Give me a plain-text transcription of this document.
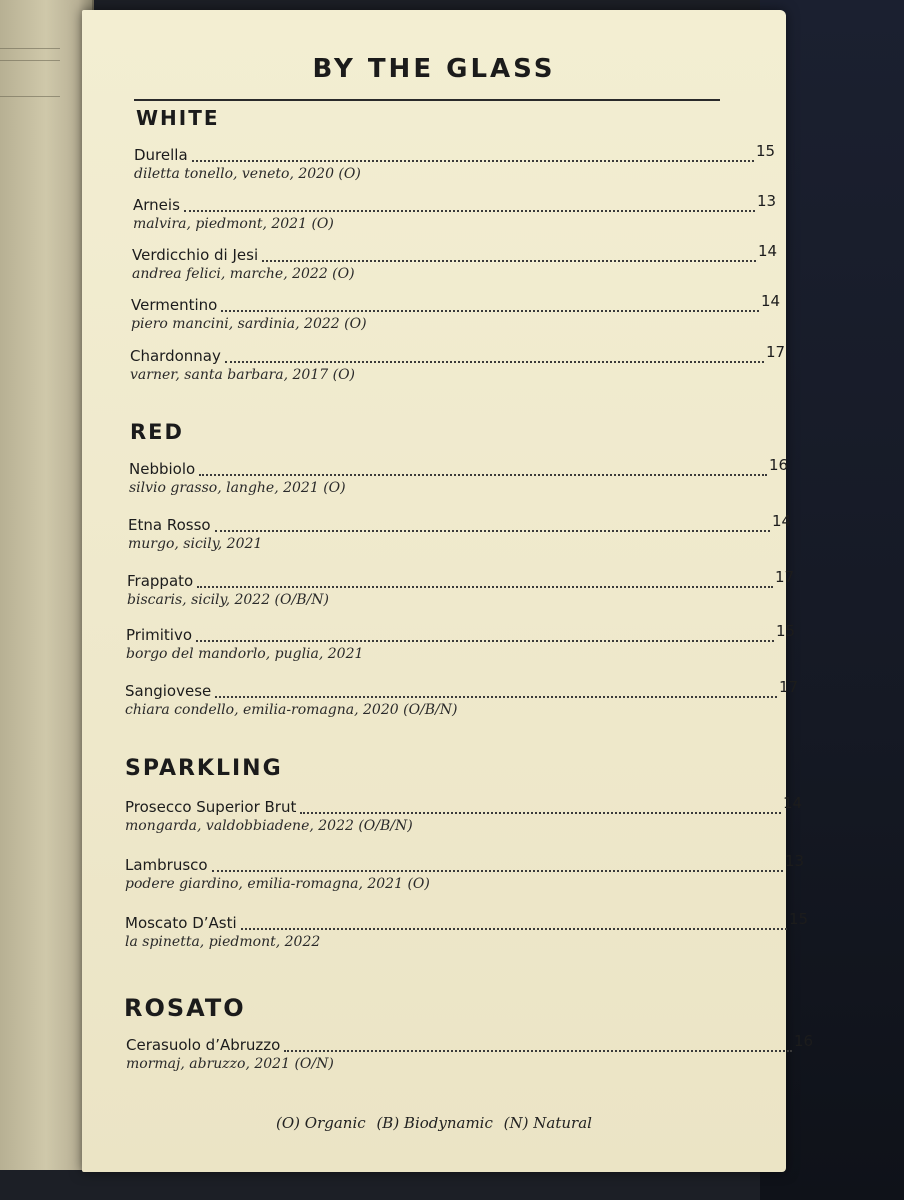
BY THE GLASS
WHITE
Durella	15
diletta tonello, veneto, 2020 (O)
Arneis	13
malvira, piedmont, 2021 (O)
Verdicchio di Jesi	14
andrea felici, marche, 2022 (O)
Vermentino	14
piero mancini, sardinia, 2022 (O)
Chardonnay	17
varner, santa barbara, 2017 (O)
RED
Nebbiolo	16
silvio grasso, langhe, 2021 (O)
Etna Rosso	14
murgo, sicily, 2021
Frappato	17
biscaris, sicily, 2022 (O/B/N)
Primitivo	15
borgo del mandorlo, puglia, 2021
Sangiovese	17
chiara condello, emilia-romagna, 2020 (O/B/N)
SPARKLING
Prosecco Superior Brut	14
mongarda, valdobbiadene, 2022 (O/B/N)
Lambrusco	13
podere giardino, emilia-romagna, 2021 (O)
Moscato D’Asti	15
la spinetta, piedmont, 2022
ROSATO
Cerasuolo d’Abruzzo	16
mormaj, abruzzo, 2021 (O/N)
(O) Organic (B) Biodynamic (N) Natural
